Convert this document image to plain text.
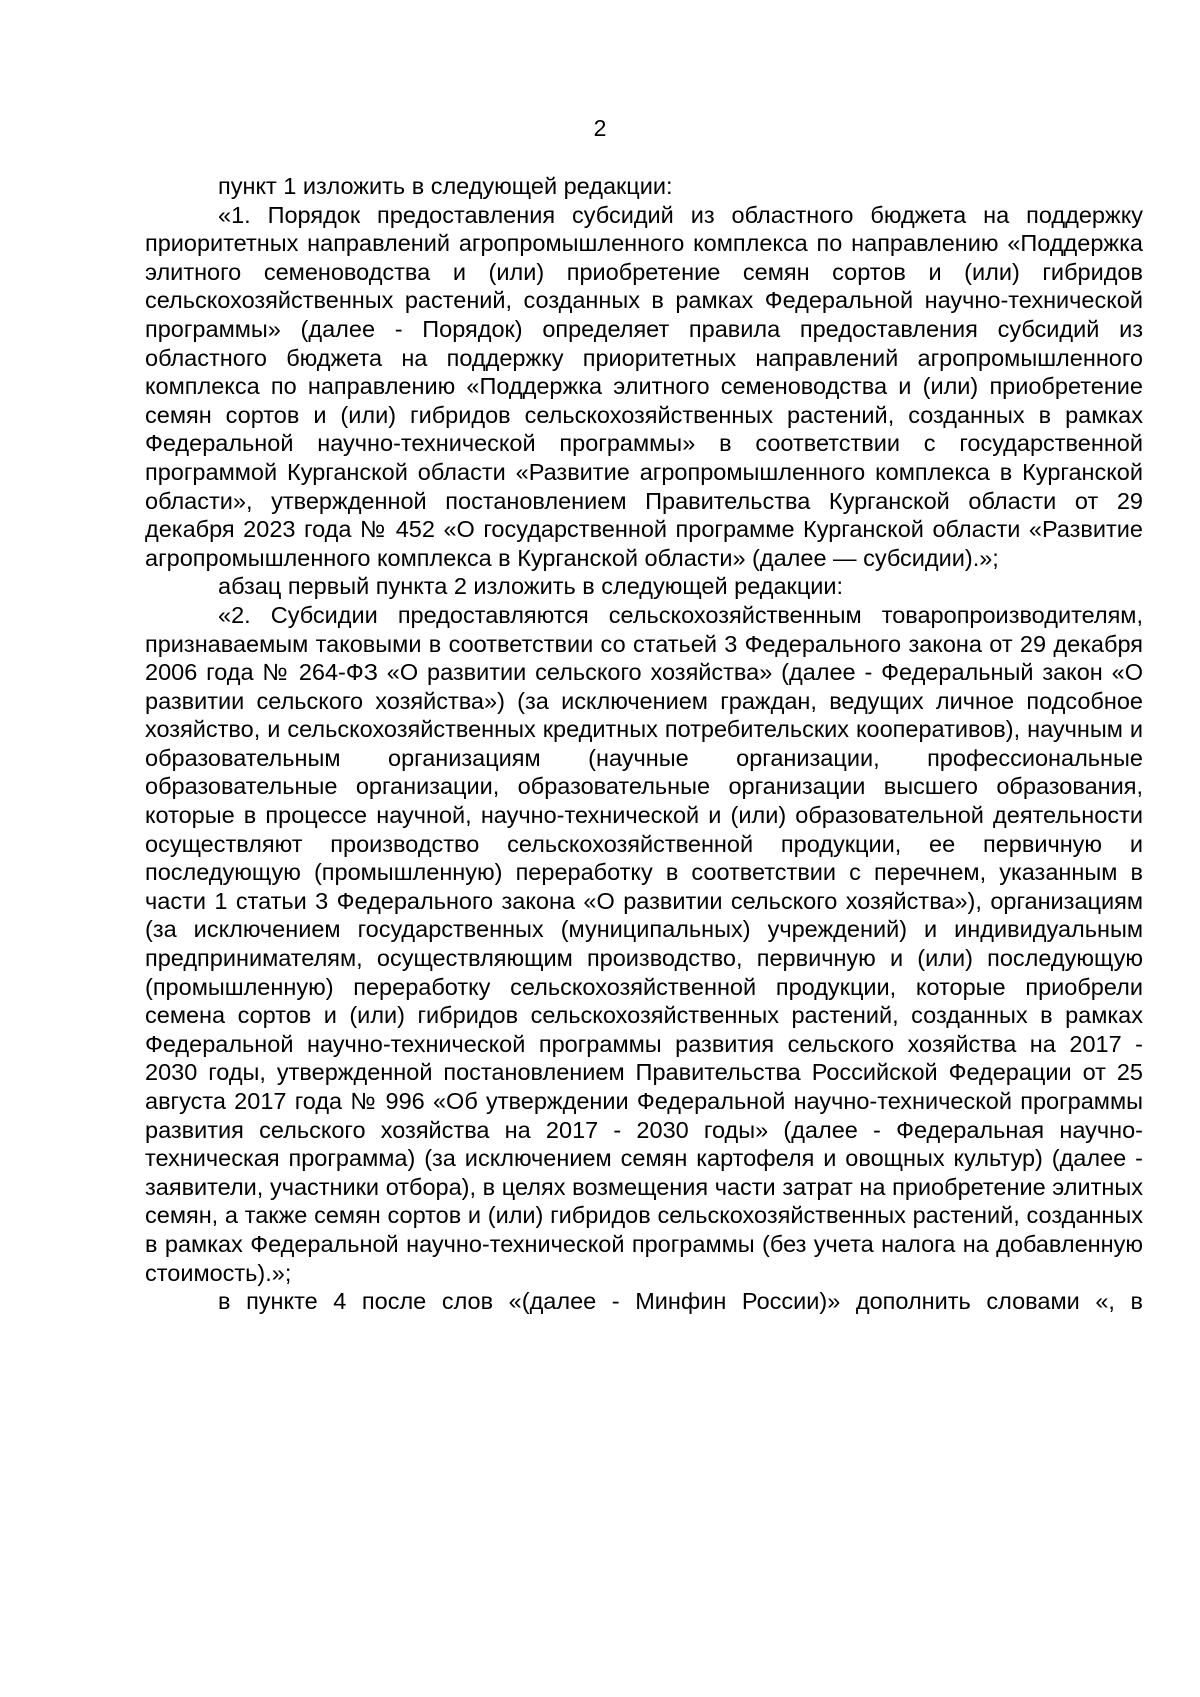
2

пункт 1 изложить в следующей редакции:

«1. Порядок предоставления субсидий из областного бюджета на поддержку приоритетных направлений агропромышленного комплекса по направлению «Поддержка элитного семеноводства и (или) приобретение семян сортов и (или) гибридов сельскохозяйственных растений, созданных в рамках Федеральной научно-технической программы» (далее - Порядок) определяет правила предоставления субсидий из областного бюджета на поддержку приоритетных направлений агропромышленного комплекса по направлению «Поддержка элитного семеноводства и (или) приобретение семян сортов и (или) гибридов сельскохозяйственных растений, созданных в рамках Федеральной научно-технической программы» в соответствии с государственной программой Курганской области «Развитие агропромышленного комплекса в Курганской области», утвержденной постановлением Правительства Курганской области от 29 декабря 2023 года № 452 «О государственной программе Курганской области «Развитие агропромышленного комплекса в Курганской области» (далее — субсидии).»;

абзац первый пункта 2 изложить в следующей редакции:

«2. Субсидии предоставляются сельскохозяйственным товаропроизводителям, признаваемым таковыми в соответствии со статьей 3 Федерального закона от 29 декабря 2006 года № 264-ФЗ «О развитии сельского хозяйства» (далее - Федеральный закон «О развитии сельского хозяйства») (за исключением граждан, ведущих личное подсобное хозяйство, и сельскохозяйственных кредитных потребительских кооперативов), научным и образовательным организациям (научные организации, профессиональные образовательные организации, образовательные организации высшего образования, которые в процессе научной, научно-технической и (или) образовательной деятельности осуществляют производство сельскохозяйственной продукции, ее первичную и последующую (промышленную) переработку в соответствии с перечнем, указанным в части 1 статьи 3 Федерального закона «О развитии сельского хозяйства»), организациям (за исключением государственных (муниципальных) учреждений) и индивидуальным предпринимателям, осуществляющим производство, первичную и (или) последующую (промышленную) переработку сельскохозяйственной продукции, которые приобрели семена сортов и (или) гибридов сельскохозяйственных растений, созданных в рамках Федеральной научно-технической программы развития сельского хозяйства на 2017 - 2030 годы, утвержденной постановлением Правительства Российской Федерации от 25 августа 2017 года № 996 «Об утверждении Федеральной научно-технической программы развития сельского хозяйства на 2017 - 2030 годы» (далее - Федеральная научно-техническая программа) (за исключением семян картофеля и овощных культур) (далее - заявители, участники отбора), в целях возмещения части затрат на приобретение элитных семян, а также семян сортов и (или) гибридов сельскохозяйственных растений, созданных в рамках Федеральной научно-технической программы (без учета налога на добавленную стоимость).»;

в пункте 4 после слов «(далее - Минфин России)» дополнить словами «, в
